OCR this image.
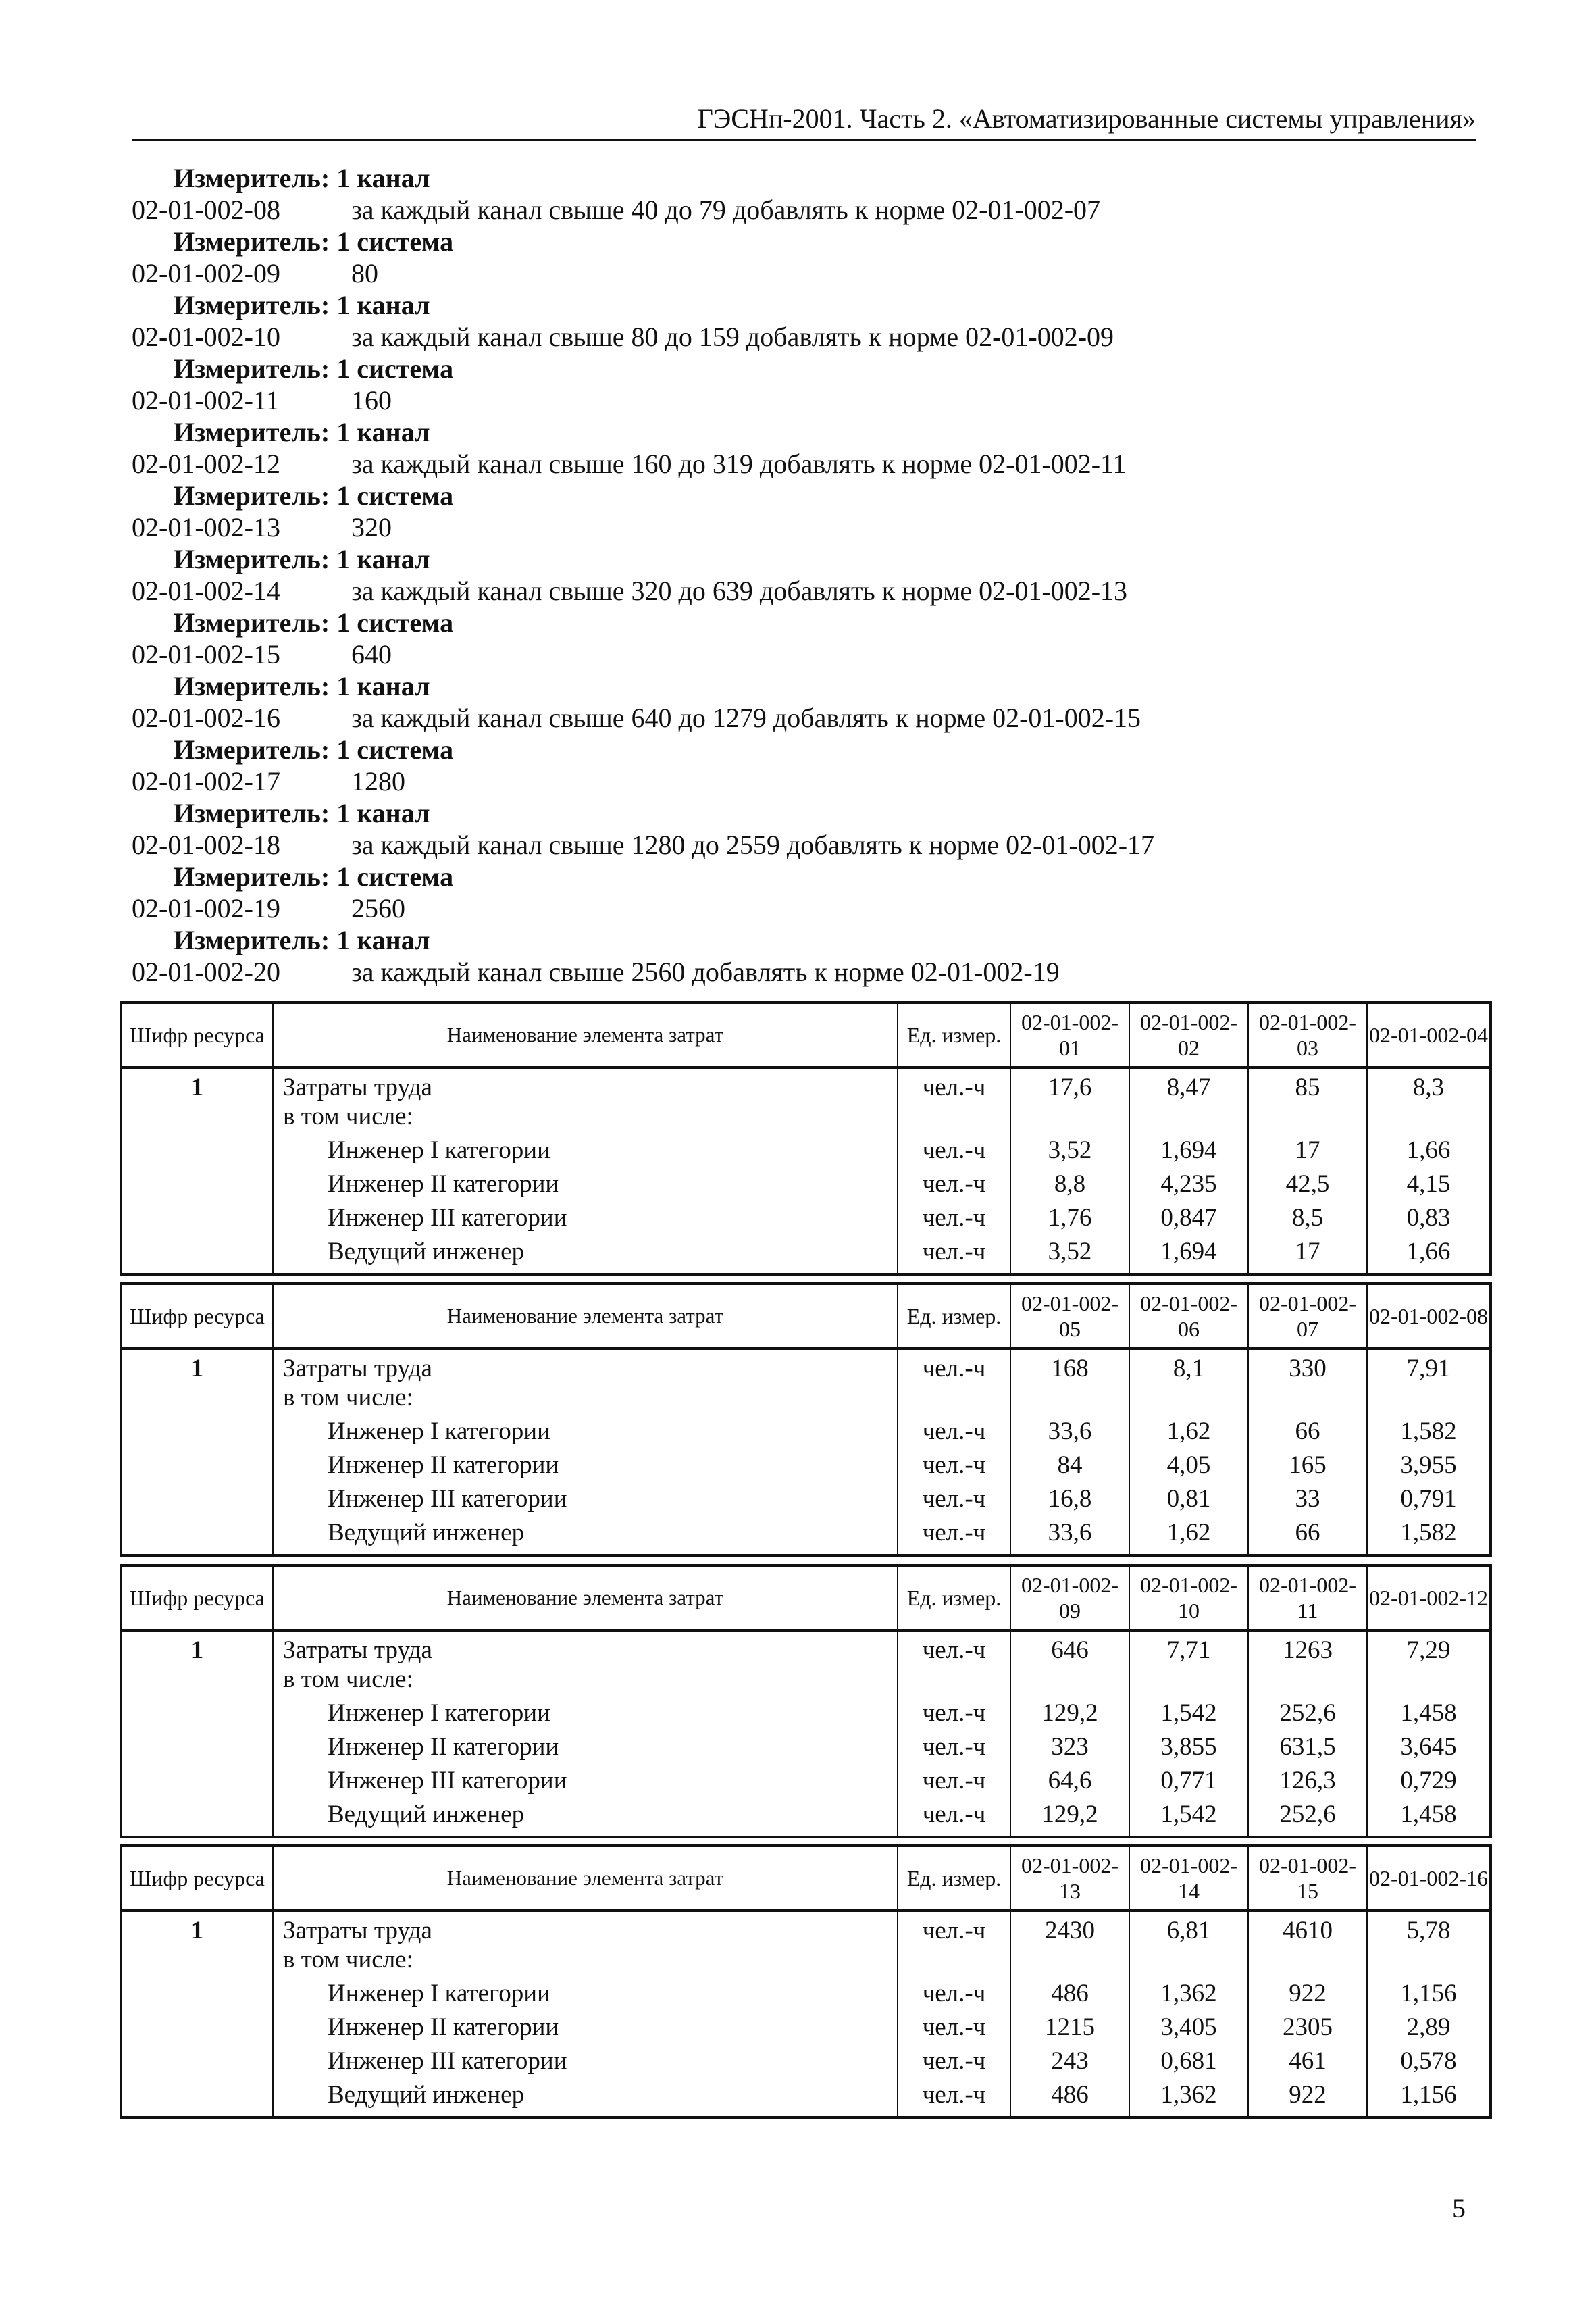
ГЭСНп-2001. Часть 2. «Автоматизированные системы управления»
Измеритель: 1 канал
02-01-002-08	за каждый канал свыше 40 до 79 добавлять к норме 02-01-002-07
Измеритель: 1 система
02-01-002-09	80
Измеритель: 1 канал
02-01-002-10	за каждый канал свыше 80 до 159 добавлять к норме 02-01-002-09
Измеритель: 1 система
02-01-002-11	160
Измеритель: 1 канал
02-01-002-12	за каждый канал свыше 160 до 319 добавлять к норме 02-01-002-11
Измеритель: 1 система
02-01-002-13	320
Измеритель: 1 канал
02-01-002-14	за каждый канал свыше 320 до 639 добавлять к норме 02-01-002-13
Измеритель: 1 система
02-01-002-15	640
Измеритель: 1 канал
02-01-002-16	за каждый канал свыше 640 до 1279 добавлять к норме 02-01-002-15
Измеритель: 1 система
02-01-002-17	1280
Измеритель: 1 канал
02-01-002-18	за каждый канал свыше 1280 до 2559 добавлять к норме 02-01-002-17
Измеритель: 1 система
02-01-002-19	2560
Измеритель: 1 канал
02-01-002-20	за каждый канал свыше 2560 добавлять к норме 02-01-002-19
Шифр ресурса	Наименование элемента затрат	Ед. измер.	02-01-002-01	02-01-002-02	02-01-002-03	02-01-002-04
1	Затраты труда	чел.-ч	17,6	8,47	85	8,3
	в том числе:					
	Инженер I категории	чел.-ч	3,52	1,694	17	1,66
	Инженер II категории	чел.-ч	8,8	4,235	42,5	4,15
	Инженер III категории	чел.-ч	1,76	0,847	8,5	0,83
	Ведущий инженер	чел.-ч	3,52	1,694	17	1,66
Шифр ресурса	Наименование элемента затрат	Ед. измер.	02-01-002-05	02-01-002-06	02-01-002-07	02-01-002-08
1	Затраты труда	чел.-ч	168	8,1	330	7,91
	в том числе:					
	Инженер I категории	чел.-ч	33,6	1,62	66	1,582
	Инженер II категории	чел.-ч	84	4,05	165	3,955
	Инженер III категории	чел.-ч	16,8	0,81	33	0,791
	Ведущий инженер	чел.-ч	33,6	1,62	66	1,582
Шифр ресурса	Наименование элемента затрат	Ед. измер.	02-01-002-09	02-01-002-10	02-01-002-11	02-01-002-12
1	Затраты труда	чел.-ч	646	7,71	1263	7,29
	в том числе:					
	Инженер I категории	чел.-ч	129,2	1,542	252,6	1,458
	Инженер II категории	чел.-ч	323	3,855	631,5	3,645
	Инженер III категории	чел.-ч	64,6	0,771	126,3	0,729
	Ведущий инженер	чел.-ч	129,2	1,542	252,6	1,458
Шифр ресурса	Наименование элемента затрат	Ед. измер.	02-01-002-13	02-01-002-14	02-01-002-15	02-01-002-16
1	Затраты труда	чел.-ч	2430	6,81	4610	5,78
	в том числе:					
	Инженер I категории	чел.-ч	486	1,362	922	1,156
	Инженер II категории	чел.-ч	1215	3,405	2305	2,89
	Инженер III категории	чел.-ч	243	0,681	461	0,578
	Ведущий инженер	чел.-ч	486	1,362	922	1,156
5
